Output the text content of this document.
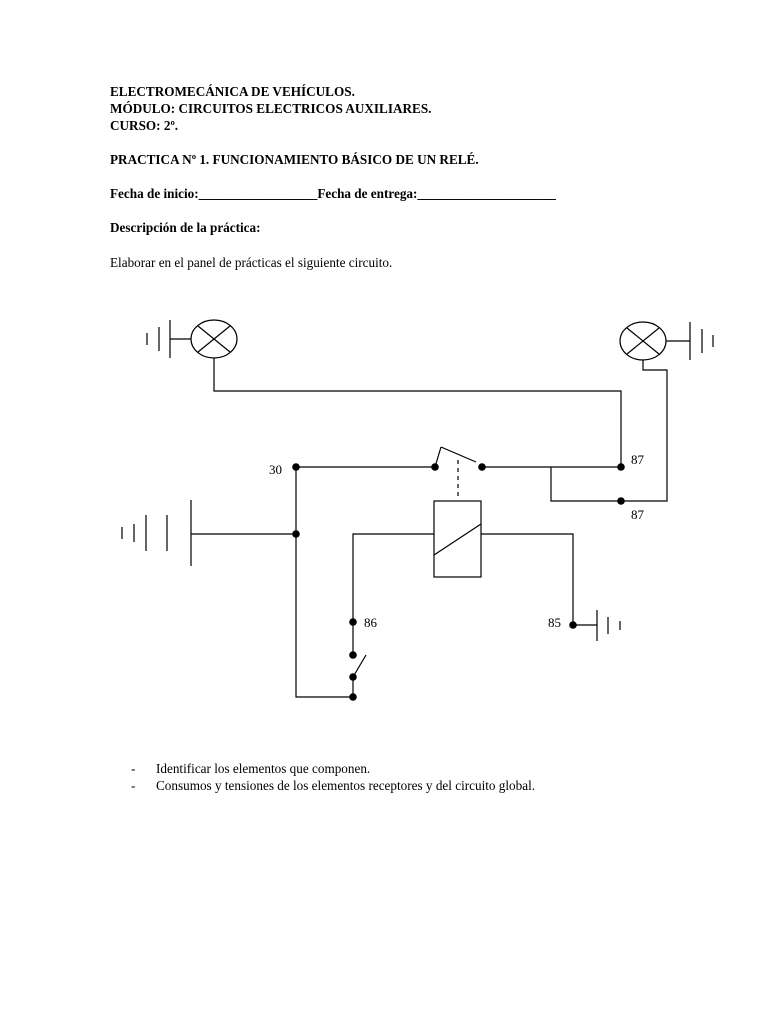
ELECTROMECÁNICA DE VEHÍCULOS.
MÓDULO: CIRCUITOS ELECTRICOS AUXILIARES.
CURSO: 2º.
PRACTICA Nº 1. FUNCIONAMIENTO BÁSICO DE UN RELÉ.
Fecha de inicio:__________________Fecha de entrega:_____________________
Descripción de la práctica:
Elaborar en el panel de prácticas el siguiente circuito.
30
87
87
86	85
- Identificar los elementos que componen.
- Consumos y tensiones de los elementos receptores y del circuito global.
